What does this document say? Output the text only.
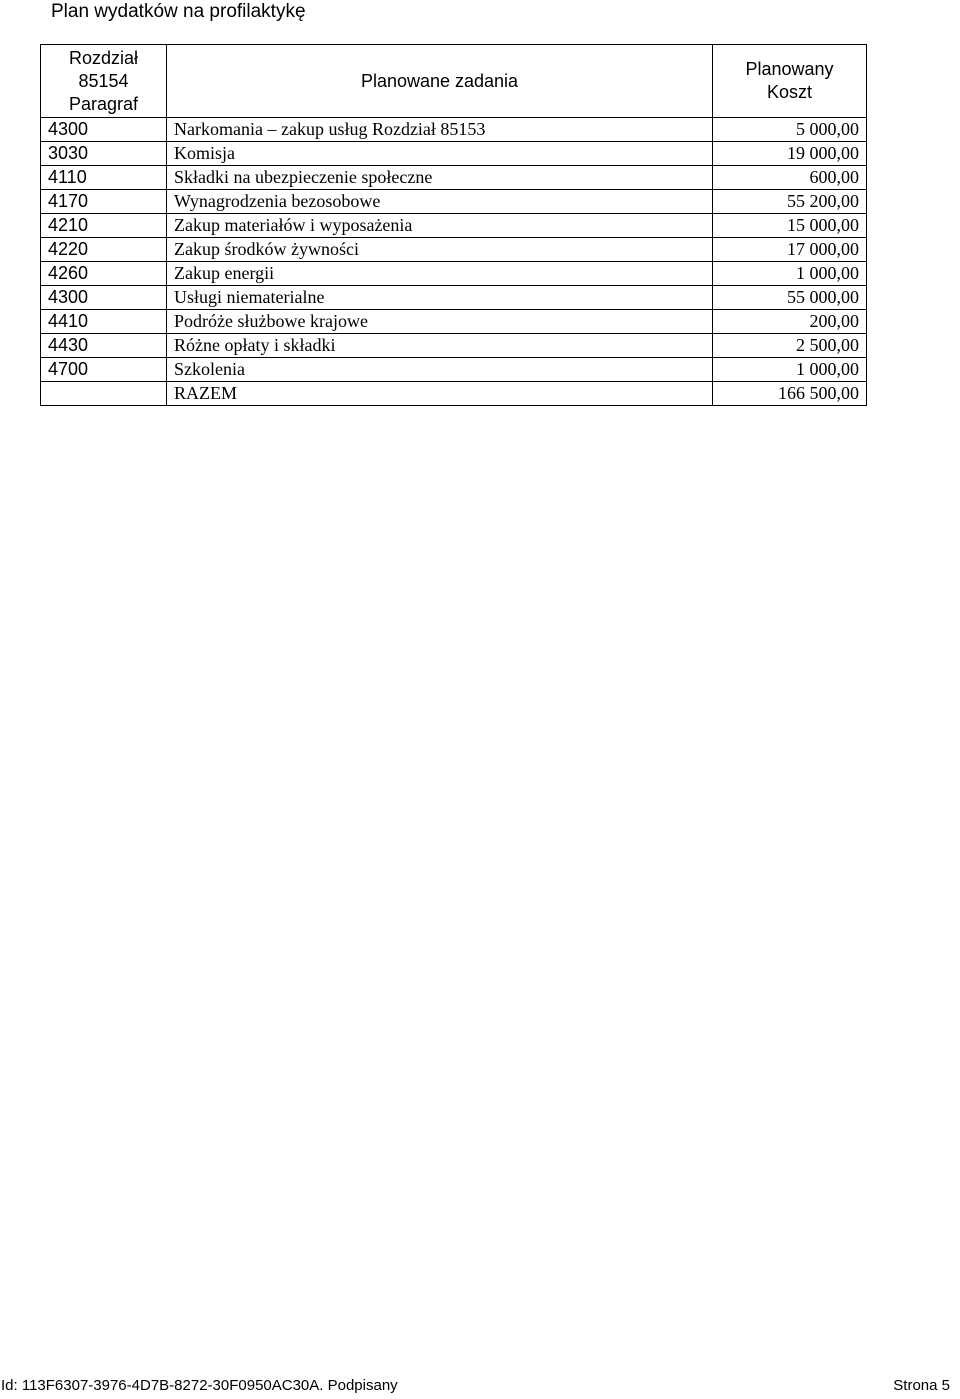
Plan wydatków na profilaktykę
Rozdział
85154
Paragraf	Planowane zadania	Planowany
Koszt

4300	Narkomania – zakup usług Rozdział 85153	5 000,00
3030	Komisja	19 000,00
4110	Składki na ubezpieczenie społeczne	600,00
4170	Wynagrodzenia bezosobowe	55 200,00
4210	Zakup materiałów i wyposażenia	15 000,00
4220	Zakup środków żywności	17 000,00
4260	Zakup energii	1 000,00
4300	Usługi niematerialne	55 000,00
4410	Podróże służbowe krajowe	200,00
4430	Różne opłaty i składki	2 500,00
4700	Szkolenia	1 000,00
	RAZEM	166 500,00
Id: 113F6307-3976-4D7B-8272-30F0950AC30A. Podpisany	Strona 5
